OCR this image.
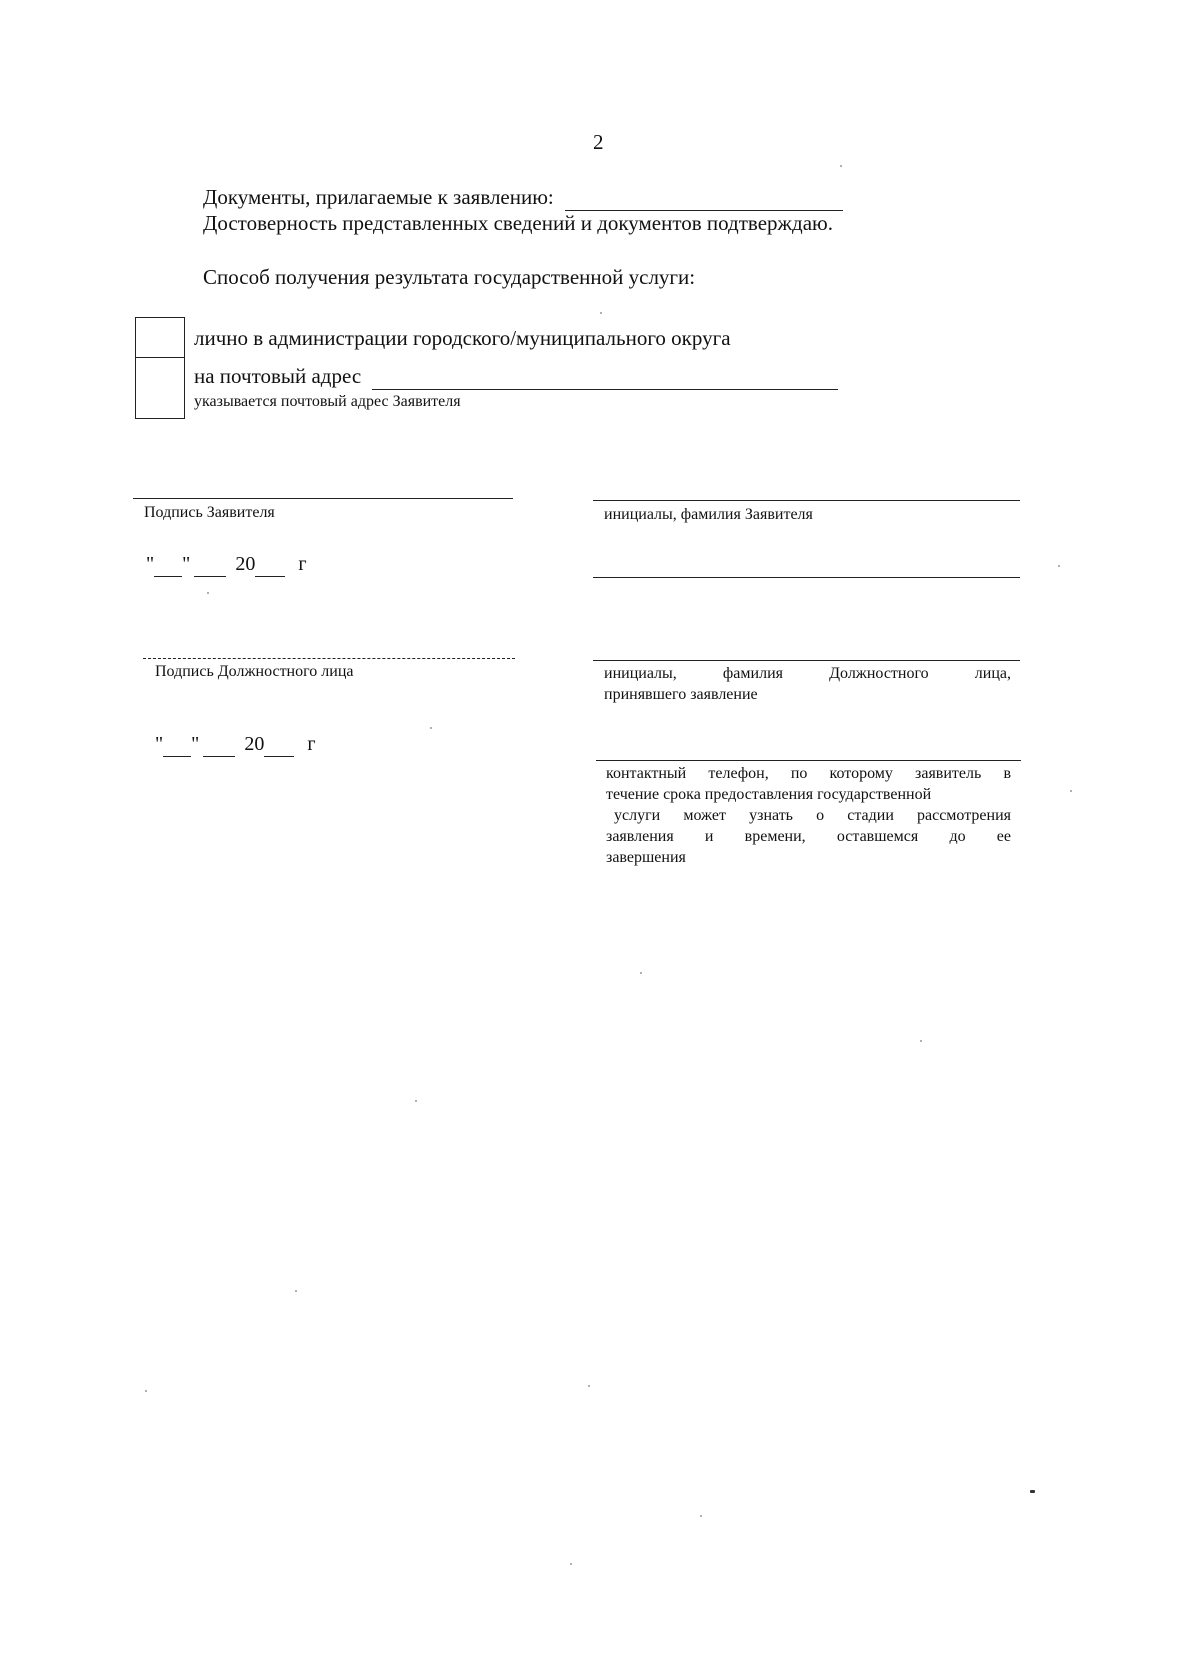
2
Документы, прилагаемые к заявлению:
Достоверность представленных сведений и документов подтверждаю.
Способ получения результата государственной услуги:
лично в администрации городского/муниципального округа
на почтовый адрес
указывается почтовый адрес Заявителя
Подпись Заявителя	инициалы, фамилия Заявителя
" " 20 г
Подпись Должностного лица	инициалы, фамилия Должностного лица,
принявшего заявление
" " 20 г
контактный телефон, по которому заявитель в
течение срока предоставления государственной
услуги может узнать о стадии рассмотрения
заявления и времени, оставшемся до ее
завершения
